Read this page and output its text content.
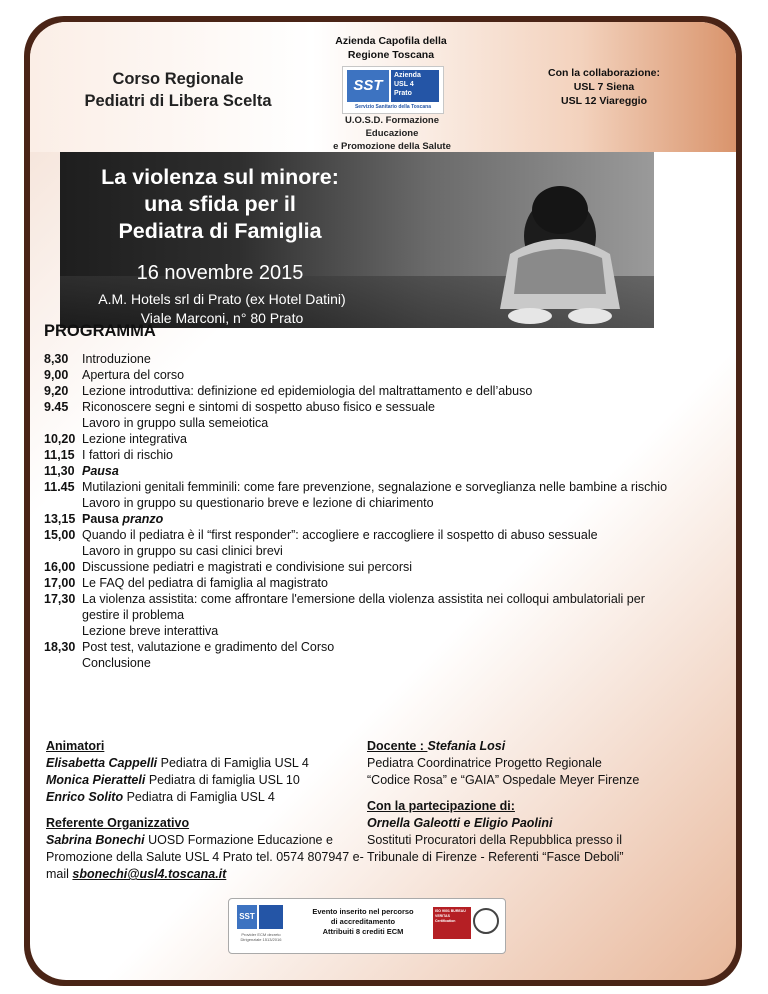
Corso Regionale
Pediatri di Libera Scelta
Azienda Capofila della
Regione Toscana
SST
Azienda
USL 4
Prato
Servizio Sanitario della Toscana
U.O.S.D. Formazione
Educazione
e Promozione della Salute
Con la collaborazione:
USL 7 Siena
USL 12 Viareggio
La violenza sul minore:
una sfida per il
Pediatra di Famiglia
16 novembre 2015
A.M. Hotels srl di Prato (ex Hotel Datini)
Viale Marconi, n° 80 Prato
PROGRAMMA
8,30	Introduzione
9,00	Apertura del corso
9,20	Lezione introduttiva: definizione ed epidemiologia del maltrattamento e dell’abuso
9.45	Riconoscere segni e sintomi di sospetto abuso fisico e sessuale
Lavoro in gruppo sulla semeiotica
10,20 Lezione integrativa
11,15 I fattori di rischio
11,30 Pausa
11.45 Mutilazioni genitali femminili: come fare prevenzione, segnalazione e sorveglianza nelle bambine a rischio
Lavoro in gruppo su questionario breve e lezione di chiarimento
13,15 Pausa pranzo
15,00 Quando il pediatra è il “first responder”: accogliere e raccogliere il sospetto di abuso sessuale
Lavoro in gruppo su casi clinici brevi
16,00 Discussione pediatri e magistrati e condivisione sui percorsi
17,00 Le FAQ del pediatra di famiglia al magistrato
17,30 La violenza assistita: come affrontare l'emersione della violenza assistita nei colloqui ambulatoriali per gestire il problema
Lezione breve interattiva
18,30 Post test, valutazione e gradimento del Corso
Conclusione
Animatori
Elisabetta Cappelli Pediatra di Famiglia USL 4
Monica Pieratteli Pediatra di famiglia USL 10
Enrico Solito Pediatra di Famiglia USL 4
Referente Organizzativo
Sabrina Bonechi UOSD Formazione Educazione e Promozione della Salute USL 4 Prato tel. 0574 807947 e-mail sbonechi@usl4.toscana.it
Docente : Stefania Losi
Pediatra Coordinatrice Progetto Regionale
“Codice Rosa” e “GAIA” Ospedale Meyer Firenze
Con la partecipazione di:
Ornella Galeotti e Eligio Paolini
Sostituti Procuratori della Repubblica presso il
Tribunale di Firenze - Referenti “Fasce Deboli”
SST
Provider ECM decreto Dirigenziale 1513/2016
Evento inserito nel percorso
di accreditamento
Attribuiti 8 crediti ECM
ISO 9001 BUREAU VERITAS Certification
